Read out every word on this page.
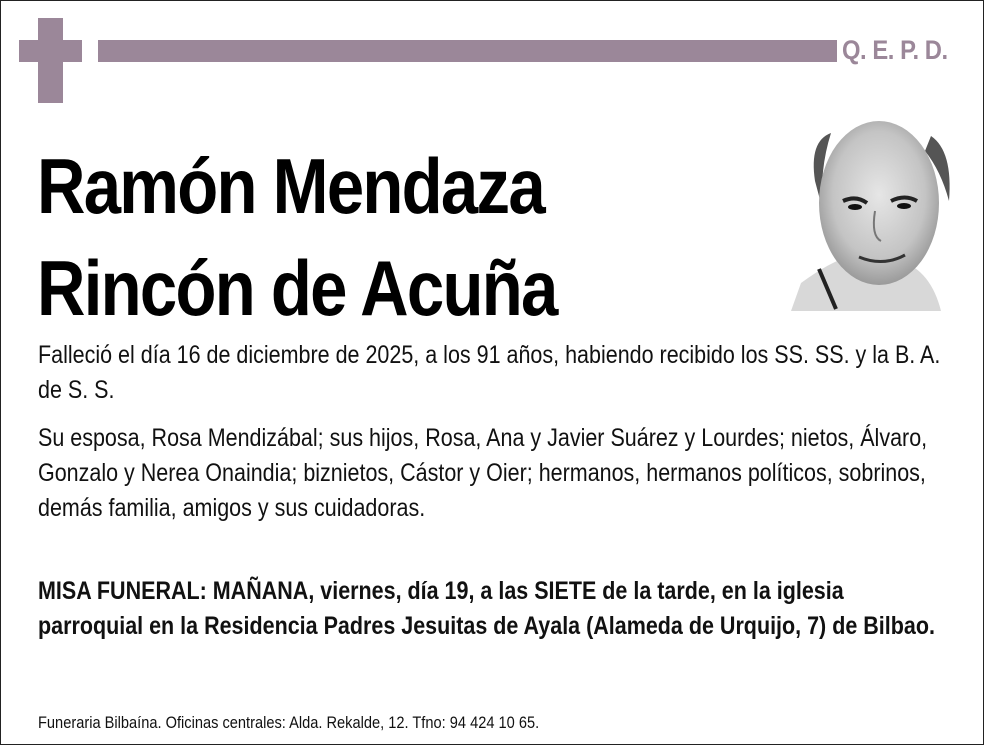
Q. E. P. D.
Ramón Mendaza
Rincón de Acuña
Falleció el día 16 de diciembre de 2025, a los 91 años, habiendo recibido los SS. SS. y la B. A. de S. S.
Su esposa, Rosa Mendizábal; sus hijos, Rosa, Ana y Javier Suárez y Lourdes; nietos, Álvaro, Gonzalo y Nerea Onaindia; biznietos, Cástor y Oier; hermanos, hermanos políticos, sobrinos, demás familia, amigos y sus cuidadoras.
MISA FUNERAL: MAÑANA, viernes, día 19, a las SIETE de la tarde, en la iglesia parroquial en la Residencia Padres Jesuitas de Ayala (Alameda de Urquijo, 7) de Bilbao.
Funeraria Bilbaína. Oficinas centrales: Alda. Rekalde, 12. Tfno: 94 424 10 65.
